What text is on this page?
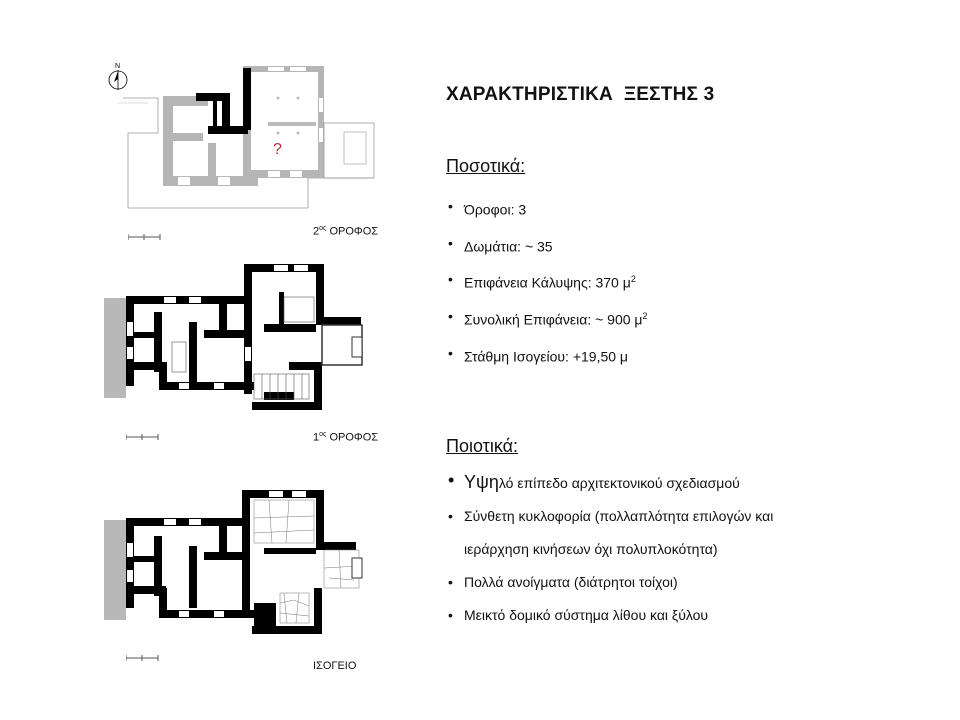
N
?
$2^{o\varsigma}$ ΟΡΟΦΟΣ
$1^{o\varsigma}$ ΟΡΟΦΟΣ
ΙΣΟΓΕΙΟ
ΧΑΡΑΚΤΗΡΙΣΤΙΚΑ  ΞΕΣΤΗΣ 3
Ποσοτικά:
• Όροφοι: 3
• Δωμάτια: ~ 35
• Επιφάνεια Κάλυψης: 370 $\mu^2$
• Συνολική Επιφάνεια: ~ 900 $\mu^2$
• Στάθμη Ισογείου: +19,50 μ
Ποιοτικά:
• Υψηλό επίπεδο αρχιτεκτονικού σχεδιασμού
• Σύνθετη κυκλοφορία (πολλαπλότητα επιλογών και
ιεράρχηση κινήσεων όχι πολυπλοκότητα)
• Πολλά ανοίγματα (διάτρητοι τοίχοι)
• Μεικτό δομικό σύστημα λίθου και ξύλου
